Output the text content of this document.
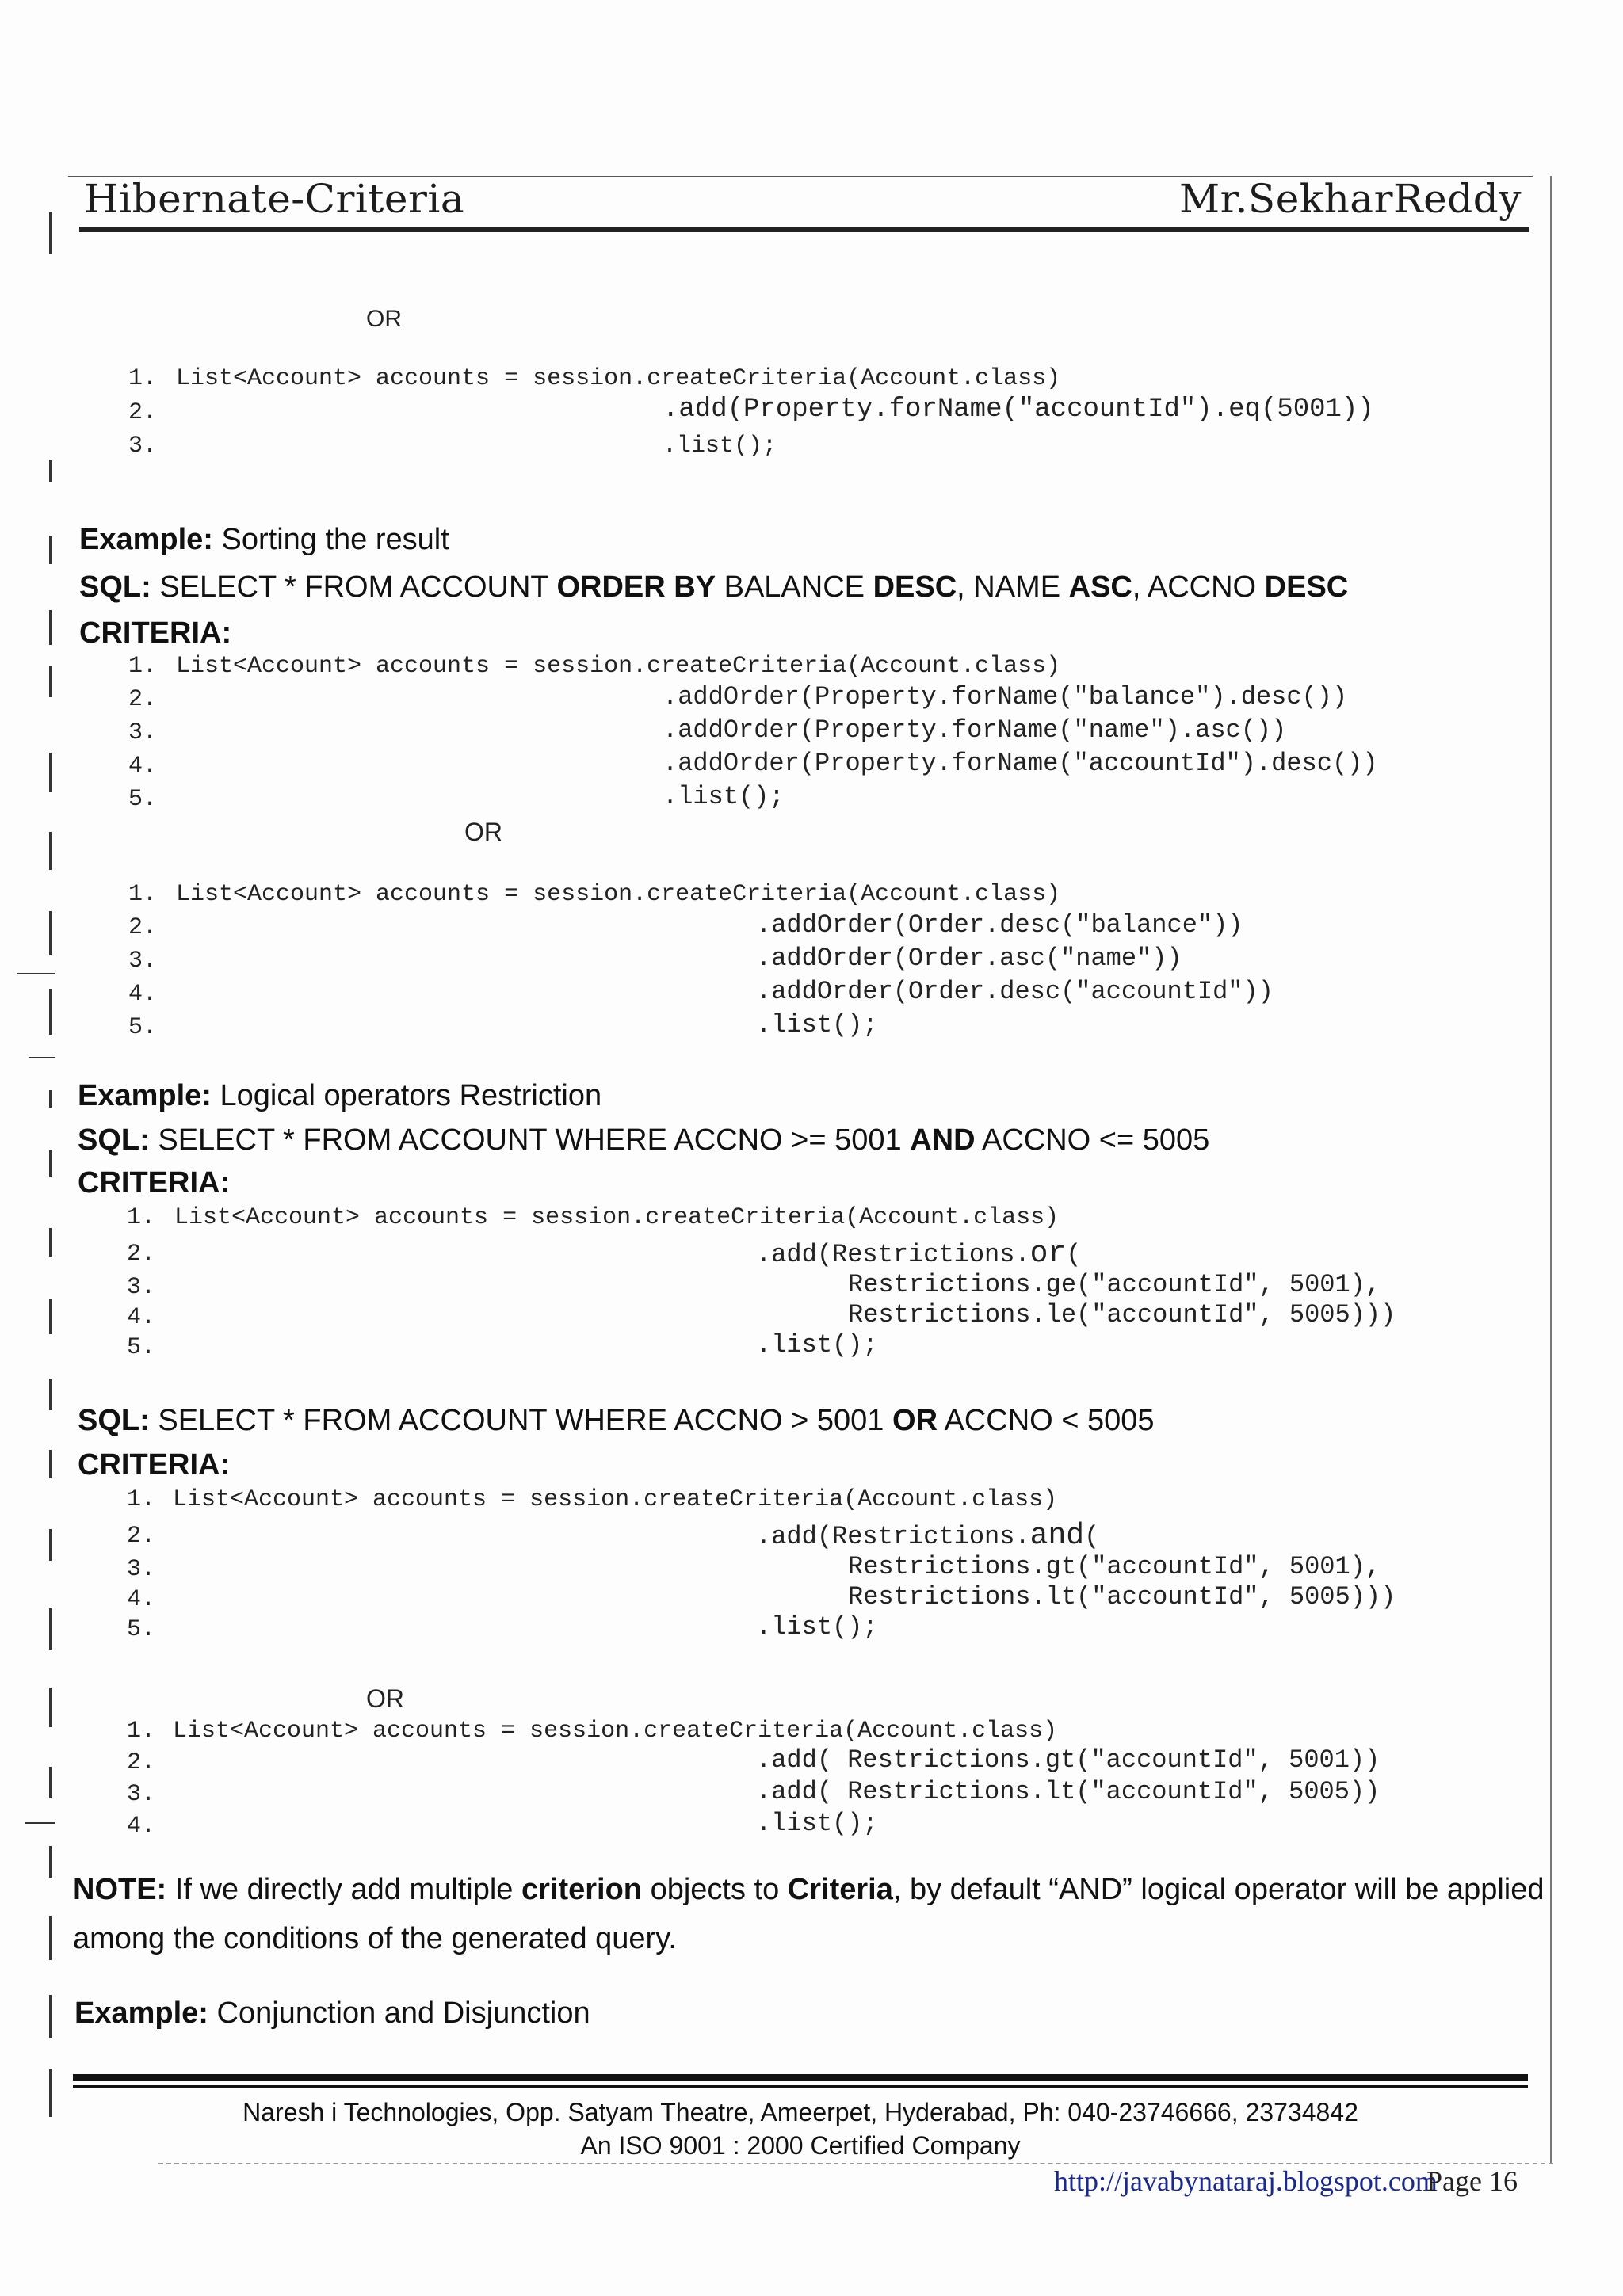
Hibernate-Criteria	Mr.SekharReddy
OR
1. List<Account> accounts = session.createCriteria(Account.class)
2.	.add(Property.forName("accountId").eq(5001))
3.	.list();
Example: Sorting the result
SQL: SELECT * FROM ACCOUNT ORDER BY BALANCE DESC, NAME ASC, ACCNO DESC
CRITERIA:
1. List<Account> accounts = session.createCriteria(Account.class)
2.	.addOrder(Property.forName("balance").desc())
3.	.addOrder(Property.forName("name").asc())
4.	.addOrder(Property.forName("accountId").desc())
5.	.list();
OR
1. List<Account> accounts = session.createCriteria(Account.class)
2.	.addOrder(Order.desc("balance"))
3.	.addOrder(Order.asc("name"))
4.	.addOrder(Order.desc("accountId"))
5.	.list();
Example: Logical operators Restriction
SQL: SELECT * FROM ACCOUNT WHERE ACCNO >= 5001 AND ACCNO <= 5005
CRITERIA:
1. List<Account> accounts = session.createCriteria(Account.class)
2.	.add(Restrictions.or(
3.	Restrictions.ge("accountId", 5001),
4.	Restrictions.le("accountId", 5005)))
5.	.list();
SQL: SELECT * FROM ACCOUNT WHERE ACCNO > 5001 OR ACCNO < 5005
CRITERIA:
1. List<Account> accounts = session.createCriteria(Account.class)
2.	.add(Restrictions.and(
3.	Restrictions.gt("accountId", 5001),
4.	Restrictions.lt("accountId", 5005)))
5.	.list();
OR
1. List<Account> accounts = session.createCriteria(Account.class)
2.	.add( Restrictions.gt("accountId", 5001))
3.	.add( Restrictions.lt("accountId", 5005))
4.	.list();
NOTE: If we directly add multiple criterion objects to Criteria, by default “AND” logical operator will be applied among the conditions of the generated query.
Example: Conjunction and Disjunction
Naresh i Technologies, Opp. Satyam Theatre, Ameerpet, Hyderabad, Ph: 040-23746666, 23734842
An ISO 9001 : 2000 Certified Company
http://javabynataraj.blogspot.com
Page 16
